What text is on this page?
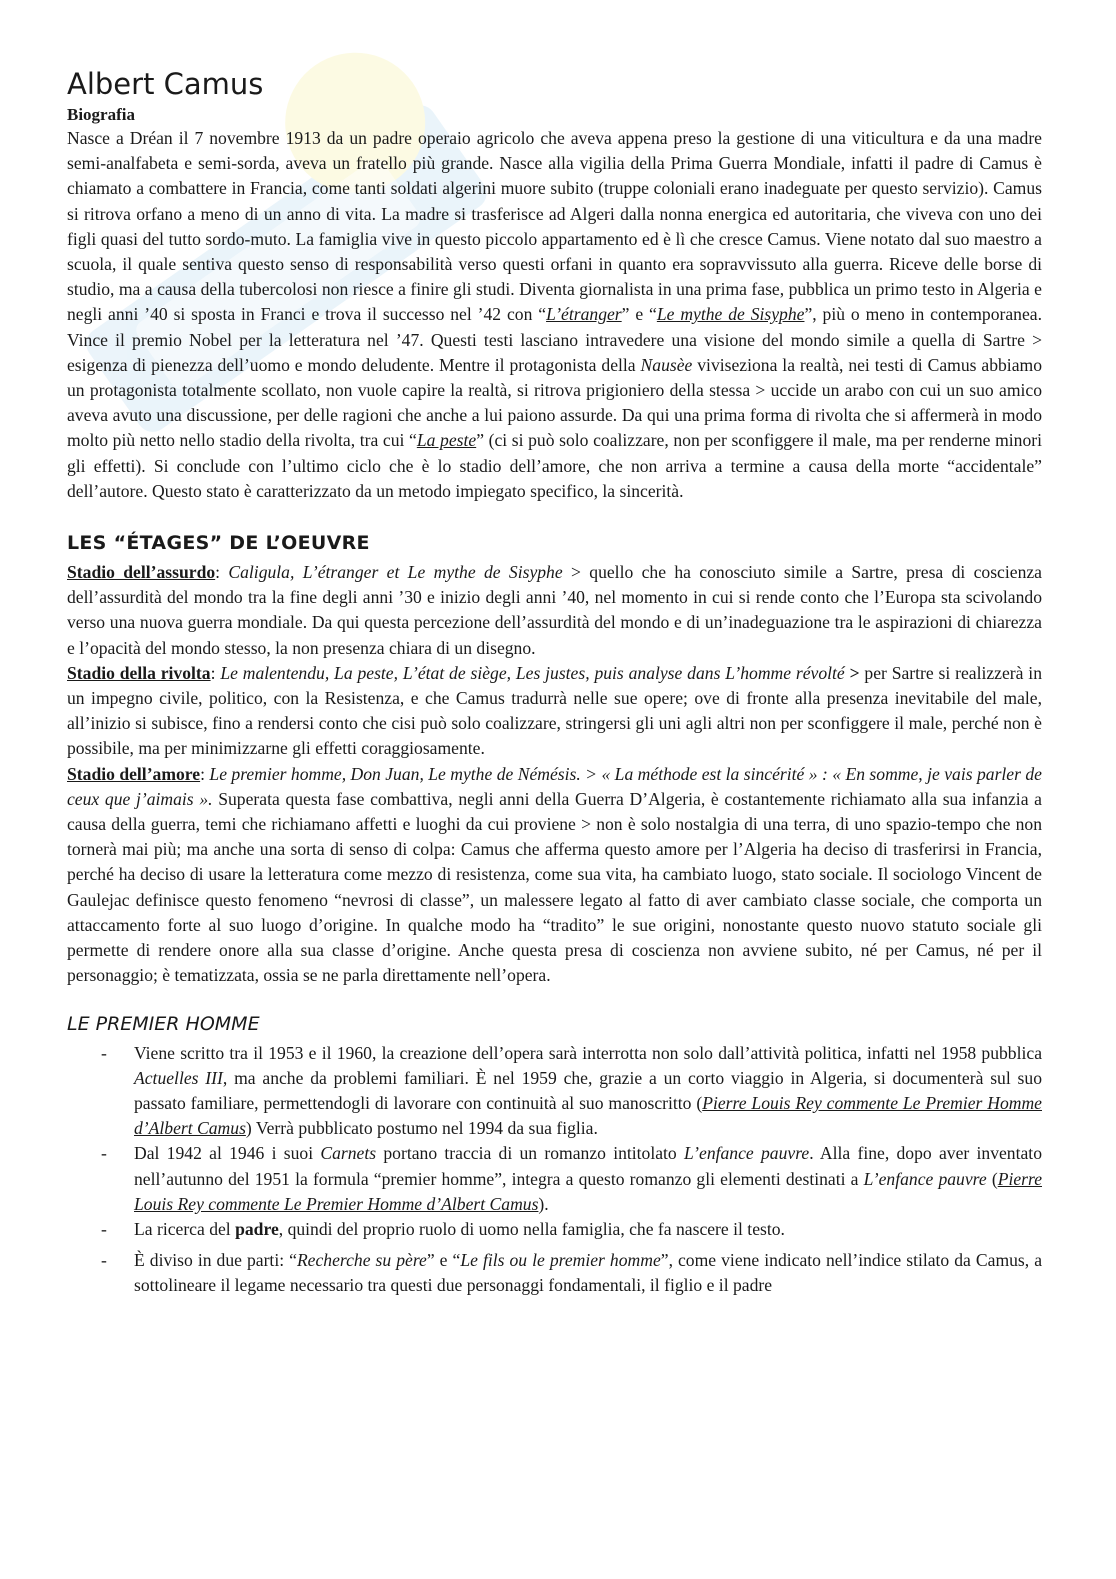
Albert Camus
Biografia

Nasce a Dréan il 7 novembre 1913 da un padre operaio agricolo che aveva appena preso la gestione di una viticultura e da una madre semi-analfabeta e semi-sorda, aveva un fratello più grande. Nasce alla vigilia della Prima Guerra Mondiale, infatti il padre di Camus è chiamato a combattere in Francia, come tanti soldati algerini muore subito (truppe coloniali erano inadeguate per questo servizio). Camus si ritrova orfano a meno di un anno di vita. La madre si trasferisce ad Algeri dalla nonna energica ed autoritaria, che viveva con uno dei figli quasi del tutto sordo-muto. La famiglia vive in questo piccolo appartamento ed è lì che cresce Camus. Viene notato dal suo maestro a scuola, il quale sentiva questo senso di responsabilità verso questi orfani in quanto era sopravvissuto alla guerra. Riceve delle borse di studio, ma a causa della tubercolosi non riesce a finire gli studi. Diventa giornalista in una prima fase, pubblica un primo testo in Algeria e negli anni ’40 si sposta in Franci e trova il successo nel ’42 con “L’étranger” e “Le mythe de Sisyphe”, più o meno in contemporanea. Vince il premio Nobel per la letteratura nel ’47. Questi testi lasciano intravedere una visione del mondo simile a quella di Sartre > esigenza di pienezza dell’uomo e mondo deludente. Mentre il protagonista della Nausèe viviseziona la realtà, nei testi di Camus abbiamo un protagonista totalmente scollato, non vuole capire la realtà, si ritrova prigioniero della stessa > uccide un arabo con cui un suo amico aveva avuto una discussione, per delle ragioni che anche a lui paiono assurde. Da qui una prima forma di rivolta che si affermerà in modo molto più netto nello stadio della rivolta, tra cui “La peste” (ci si può solo coalizzare, non per sconfiggere il male, ma per renderne minori gli effetti). Si conclude con l’ultimo ciclo che è lo stadio dell’amore, che non arriva a termine a causa della morte “accidentale” dell’autore. Questo stato è caratterizzato da un metodo impiegato specifico, la sincerità.

LES “ÉTAGES” DE L’OEUVRE

Stadio dell’assurdo: Caligula, L’étranger et Le mythe de Sisyphe > quello che ha conosciuto simile a Sartre, presa di coscienza dell’assurdità del mondo tra la fine degli anni ’30 e inizio degli anni ’40, nel momento in cui si rende conto che l’Europa sta scivolando verso una nuova guerra mondiale. Da qui questa percezione dell’assurdità del mondo e di un’inadeguazione tra le aspirazioni di chiarezza e l’opacità del mondo stesso, la non presenza chiara di un disegno.

Stadio della rivolta: Le malentendu, La peste, L’état de siège, Les justes, puis analyse dans L’homme révolté > per Sartre si realizzerà in un impegno civile, politico, con la Resistenza, e che Camus tradurrà nelle sue opere; ove di fronte alla presenza inevitabile del male, all’inizio si subisce, fino a rendersi conto che cisi può solo coalizzare, stringersi gli uni agli altri non per sconfiggere il male, perché non è possibile, ma per minimizzarne gli effetti coraggiosamente.

Stadio dell’amore: Le premier homme, Don Juan, Le mythe de Némésis. > « La méthode est la sincérité » : « En somme, je vais parler de ceux que j’aimais ». Superata questa fase combattiva, negli anni della Guerra D’Algeria, è costantemente richiamato alla sua infanzia a causa della guerra, temi che richiamano affetti e luoghi da cui proviene > non è solo nostalgia di una terra, di uno spazio-tempo che non tornerà mai più; ma anche una sorta di senso di colpa: Camus che afferma questo amore per l’Algeria ha deciso di trasferirsi in Francia, perché ha deciso di usare la letteratura come mezzo di resistenza, come sua vita, ha cambiato luogo, stato sociale. Il sociologo Vincent de Gaulejac definisce questo fenomeno “nevrosi di classe”, un malessere legato al fatto di aver cambiato classe sociale, che comporta un attaccamento forte al suo luogo d’origine. In qualche modo ha “tradito” le sue origini, nonostante questo nuovo statuto sociale gli permette di rendere onore alla sua classe d’origine. Anche questa presa di coscienza non avviene subito, né per Camus, né per il personaggio; è tematizzata, ossia se ne parla direttamente nell’opera.

LE PREMIER HOMME
- Viene scritto tra il 1953 e il 1960, la creazione dell’opera sarà interrotta non solo dall’attività politica, infatti nel 1958 pubblica Actuelles III, ma anche da problemi familiari. È nel 1959 che, grazie a un corto viaggio in Algeria, si documenterà sul suo passato familiare, permettendogli di lavorare con continuità al suo manoscritto (Pierre Louis Rey commente Le Premier Homme d’Albert Camus) Verrà pubblicato postumo nel 1994 da sua figlia.
- Dal 1942 al 1946 i suoi Carnets portano traccia di un romanzo intitolato L’enfance pauvre. Alla fine, dopo aver inventato nell’autunno del 1951 la formula “premier homme”, integra a questo romanzo gli elementi destinati a L’enfance pauvre (Pierre Louis Rey commente Le Premier Homme d’Albert Camus).
- La ricerca del padre, quindi del proprio ruolo di uomo nella famiglia, che fa nascere il testo.
- È diviso in due parti: “Recherche su père” e “Le fils ou le premier homme”, come viene indicato nell’indice stilato da Camus, a sottolineare il legame necessario tra questi due personaggi fondamentali, il figlio e il padre
